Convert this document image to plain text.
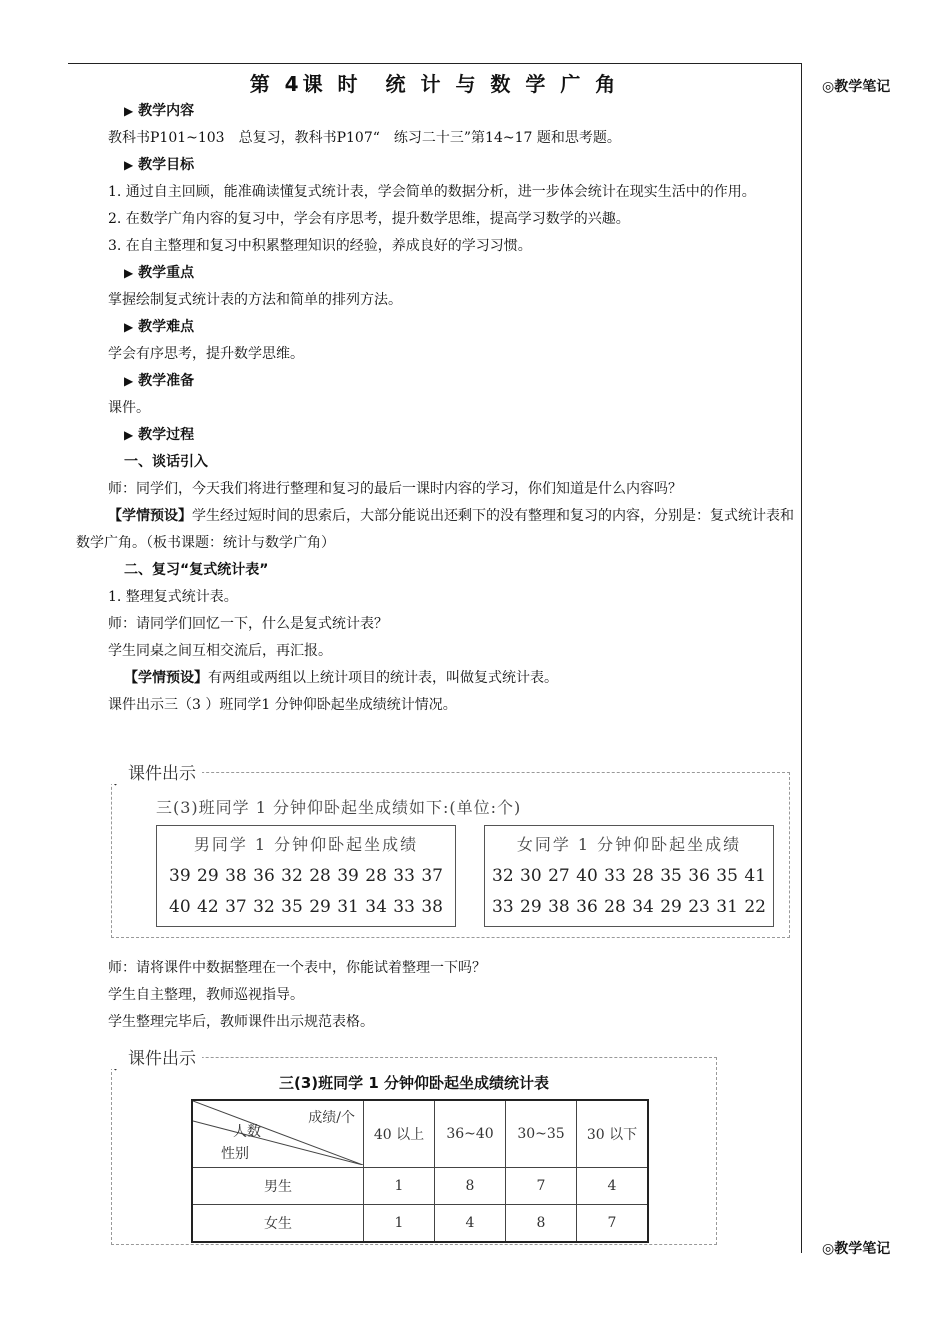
◎教学笔记
◎教学笔记
第 4课 时　统 计 与 数 学 广 角
▶ 教学内容
教科书P101~103　总复习，教科书P107“　练习二十三”第14~17 题和思考题。
▶ 教学目标
1. 通过自主回顾，能准确读懂复式统计表，学会简单的数据分析，进一步体会统计在现实生活中的作用。
2. 在数学广角内容的复习中，学会有序思考，提升数学思维，提高学习数学的兴趣。
3. 在自主整理和复习中积累整理知识的经验，养成良好的学习习惯。
▶ 教学重点
掌握绘制复式统计表的方法和简单的排列方法。
▶ 教学难点
学会有序思考，提升数学思维。
▶ 教学准备
课件。
▶ 教学过程
一、谈话引入
师：同学们，今天我们将进行整理和复习的最后一课时内容的学习，你们知道是什么内容吗？
【学情预设】学生经过短时间的思索后，大部分能说出还剩下的没有整理和复习的内容，分别是：复式统计表和数学广角。（板书课题：统计与数学广角）
二、复习“复式统计表”
1. 整理复式统计表。
师：请同学们回忆一下，什么是复式统计表？
学生同桌之间互相交流后，再汇报。
【学情预设】有两组或两组以上统计项目的统计表，叫做复式统计表。
课件出示三（3 ）班同学1 分钟仰卧起坐成绩统计情况。
课件出示
三(3)班同学 1 分钟仰卧起坐成绩如下:(单位:个)
男同学 1 分钟仰卧起坐成绩
39 29 38 36 32 28 39 28 33 37
40 42 37 32 35 29 31 34 33 38
女同学 1 分钟仰卧起坐成绩
32 30 27 40 33 28 35 36 35 41
33 29 38 36 28 34 29 23 31 22
师：请将课件中数据整理在一个表中，你能试着整理一下吗？
学生自主整理，教师巡视指导。
学生整理完毕后，教师课件出示规范表格。
课件出示
三(3)班同学 1 分钟仰卧起坐成绩统计表
成绩/个
人数
性别	40 以上	36~40	30~35	30 以下
男生	1	8	7	4
女生	1	4	8	7
